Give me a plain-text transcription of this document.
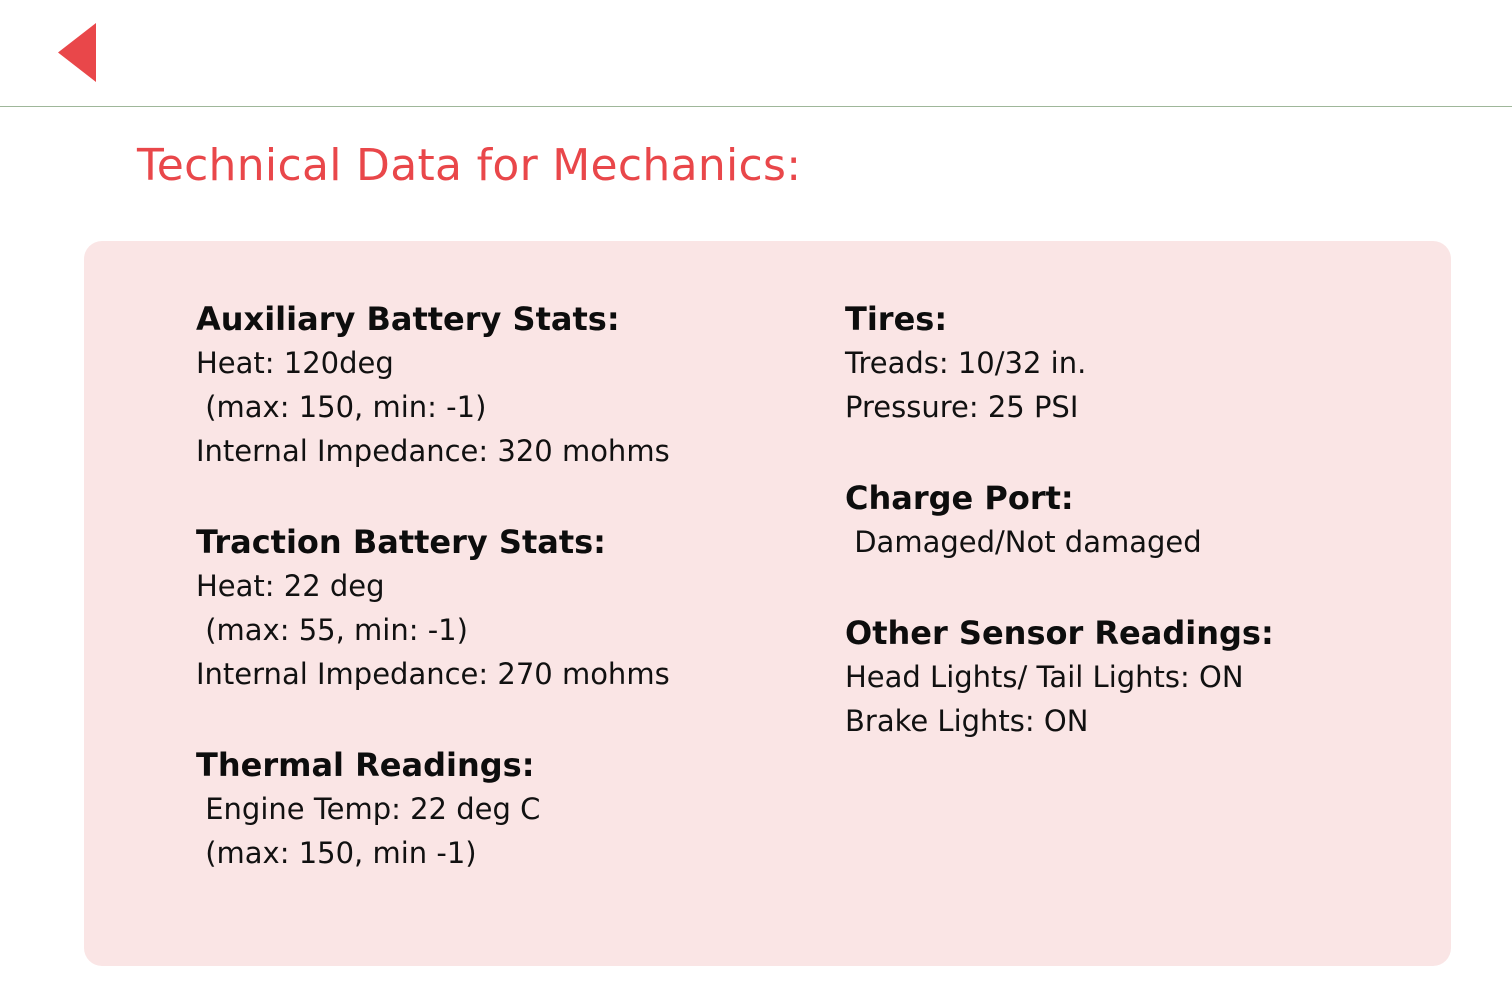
Technical Data for Mechanics:
Auxiliary Battery Stats:
Heat: 120deg
(max: 150, min: -1)
Internal Impedance: 320 mohms
Traction Battery Stats:
Heat: 22 deg
(max: 55, min: -1)
Internal Impedance: 270 mohms
Thermal Readings:
Engine Temp: 22 deg C
(max: 150, min -1)
Tires:
Treads: 10/32 in.
Pressure: 25 PSI
Charge Port:
Damaged/Not damaged
Other Sensor Readings:
Head Lights/ Tail Lights: ON
Brake Lights: ON
